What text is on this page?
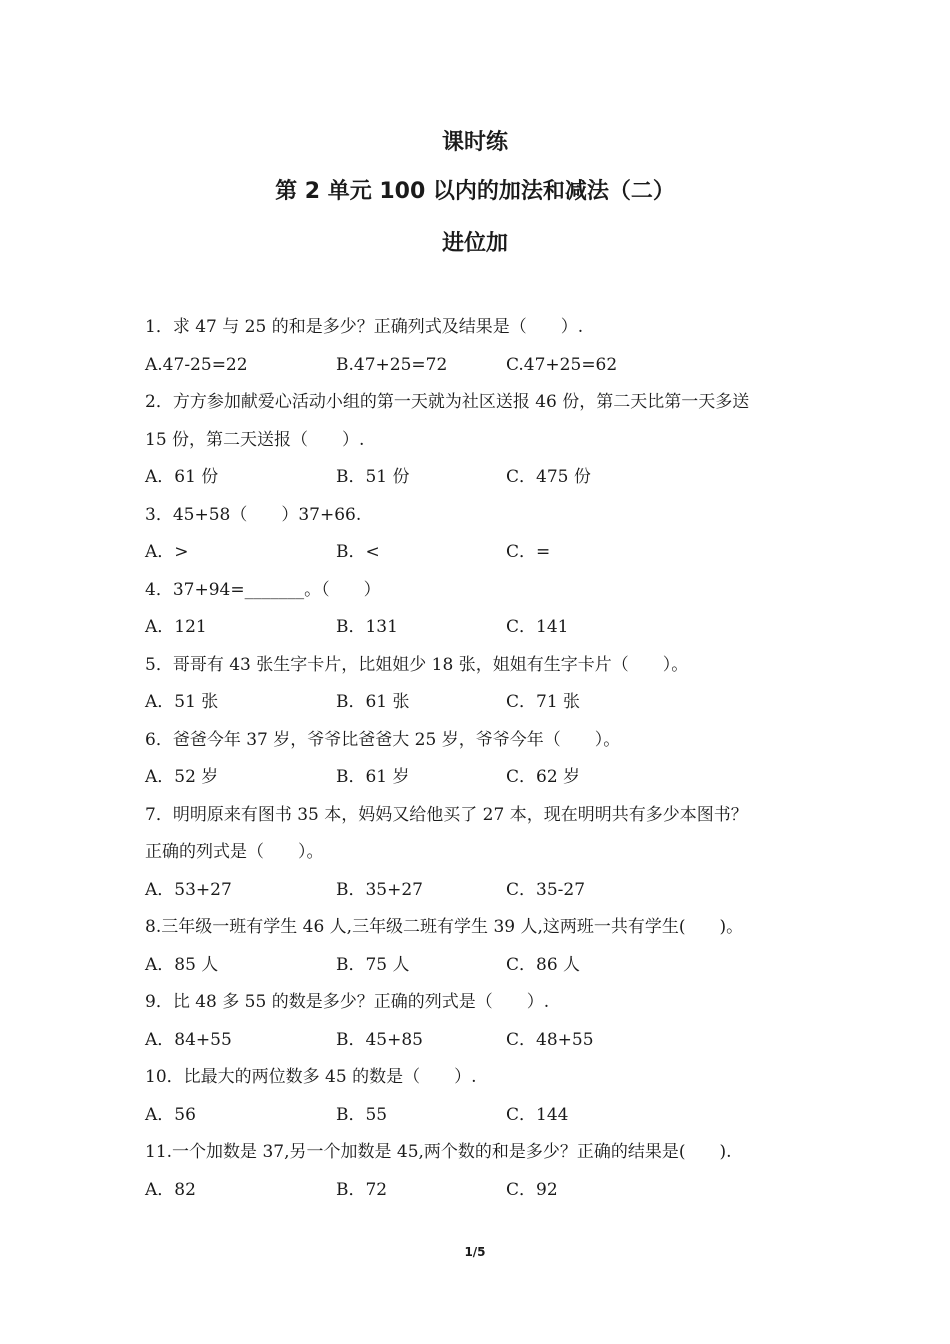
课时练
第 2 单元 100 以内的加法和减法（二）
进位加
1．求 47 与 25 的和是多少？正确列式及结果是（　　）.
A.47-25=22	B.47+25=72	C.47+25=62
2．方方参加献爱心活动小组的第一天就为社区送报 46 份，第二天比第一天多送
15 份，第二天送报（　　）.
A．61 份	B．51 份	C．475 份
3．45+58（　　）37+66.
A．>	B．<	C．=
4．37+94=_______。（　　）
A．121	B．131	C．141
5．哥哥有 43 张生字卡片，比姐姐少 18 张，姐姐有生字卡片（　　）。
A．51 张	B．61 张	C．71 张
6．爸爸今年 37 岁，爷爷比爸爸大 25 岁，爷爷今年（　　）。
A．52 岁	B．61 岁	C．62 岁
7．明明原来有图书 35 本，妈妈又给他买了 27 本，现在明明共有多少本图书？
正确的列式是（　　）。
A．53+27	B．35+27	C．35-27
8.三年级一班有学生 46 人,三年级二班有学生 39 人,这两班一共有学生(　　)。
A．85 人	B．75 人	C．86 人
9．比 48 多 55 的数是多少？正确的列式是（　　）.
A．84+55	B．45+85	C．48+55
10．比最大的两位数多 45 的数是（　　）.
A．56	B．55	C．144
11.一个加数是 37,另一个加数是 45,两个数的和是多少？正确的结果是(　　).
A．82	B．72	C．92
1/5
